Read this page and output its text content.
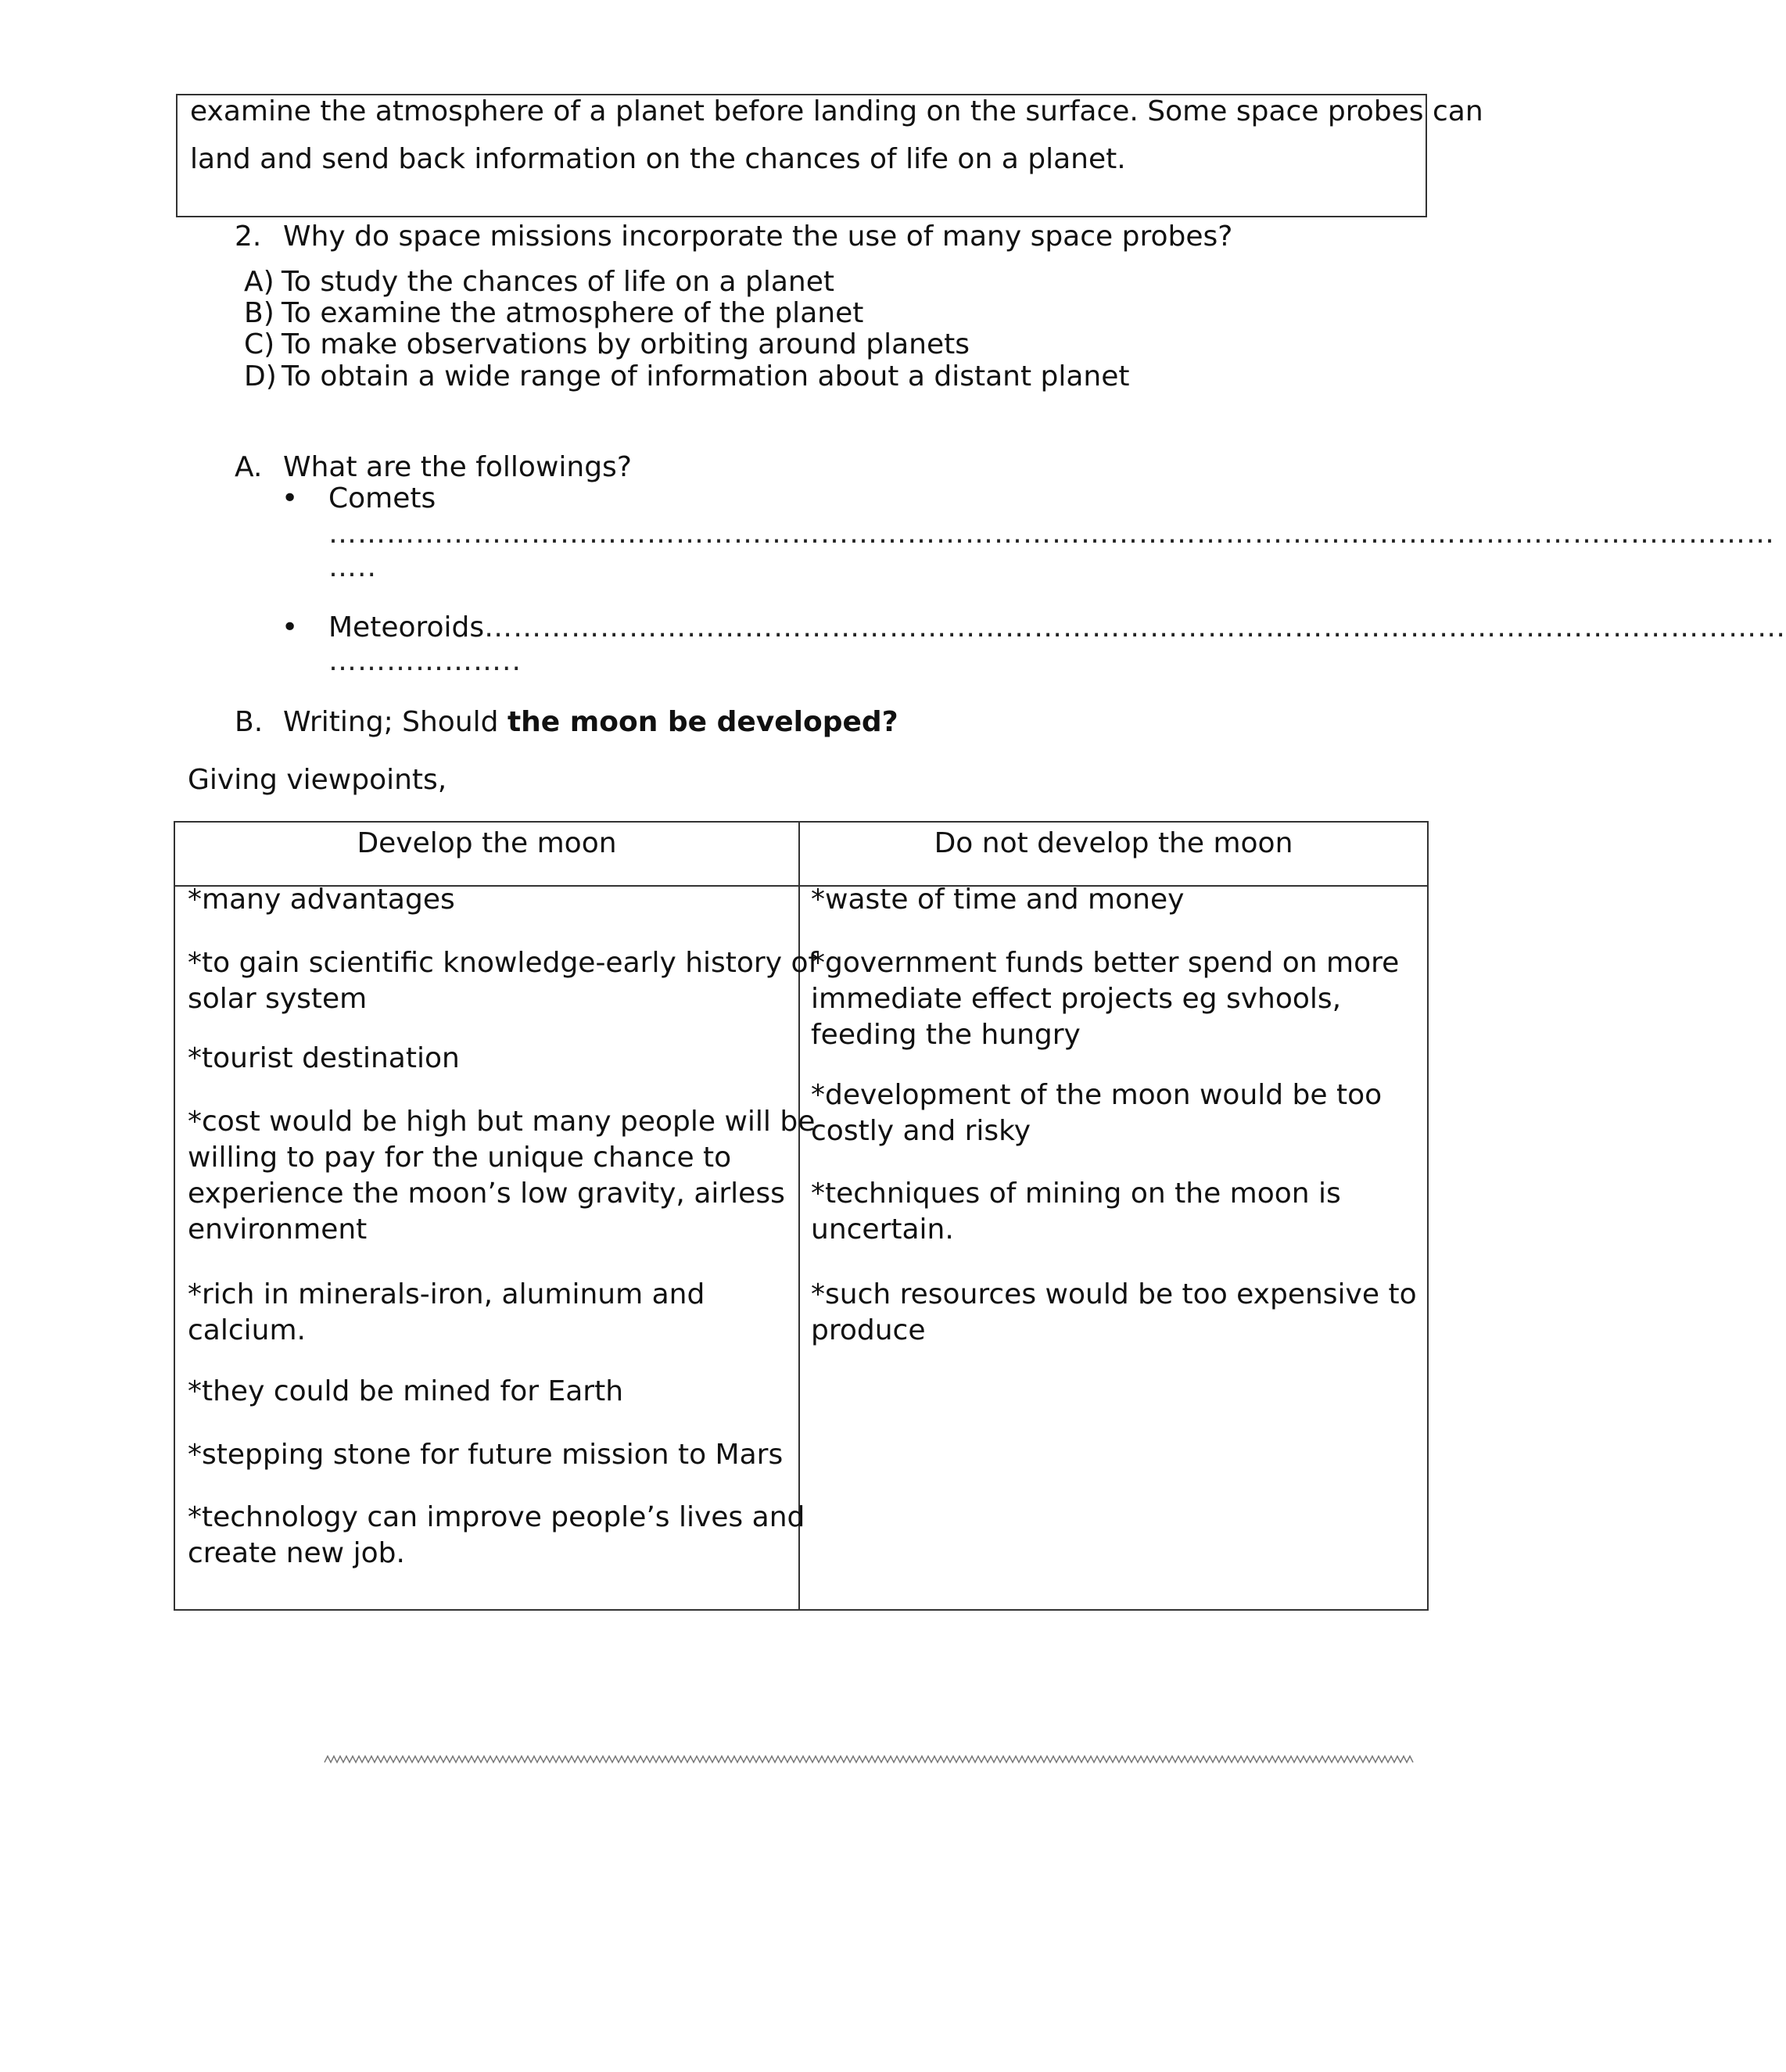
examine the atmosphere of a planet before landing on the surface. Some space probes can
land and send back information on the chances of life on a planet.
2. Why do space missions incorporate the use of many space probes?
A) To study the chances of life on a planet
B) To examine the atmosphere of the planet
C) To make observations by orbiting around planets
D) To obtain a wide range of information about a distant planet
A. What are the followings?
• Comets
……………………………………………………………………………………………………………………………………
…..
• Meteoroids………………………………………………………………………………………………………………………
………………..
B. Writing; Should the moon be developed?
Giving viewpoints,
Develop the moon	Do not develop the moon
*many advantages
*to gain scientific knowledge-early history of
solar system
*tourist destination
*cost would be high but many people will be
willing to pay for the unique chance to
experience the moon’s low gravity, airless
environment
*rich in minerals-iron, aluminum and
calcium.
*they could be mined for Earth
*stepping stone for future mission to Mars
*technology can improve people’s lives and
create new job.
*waste of time and money
*government funds better spend on more
immediate effect projects eg svhools,
feeding the hungry
*development of the moon would be too
costly and risky
*techniques of mining on the moon is
uncertain.
*such resources would be too expensive to
produce
